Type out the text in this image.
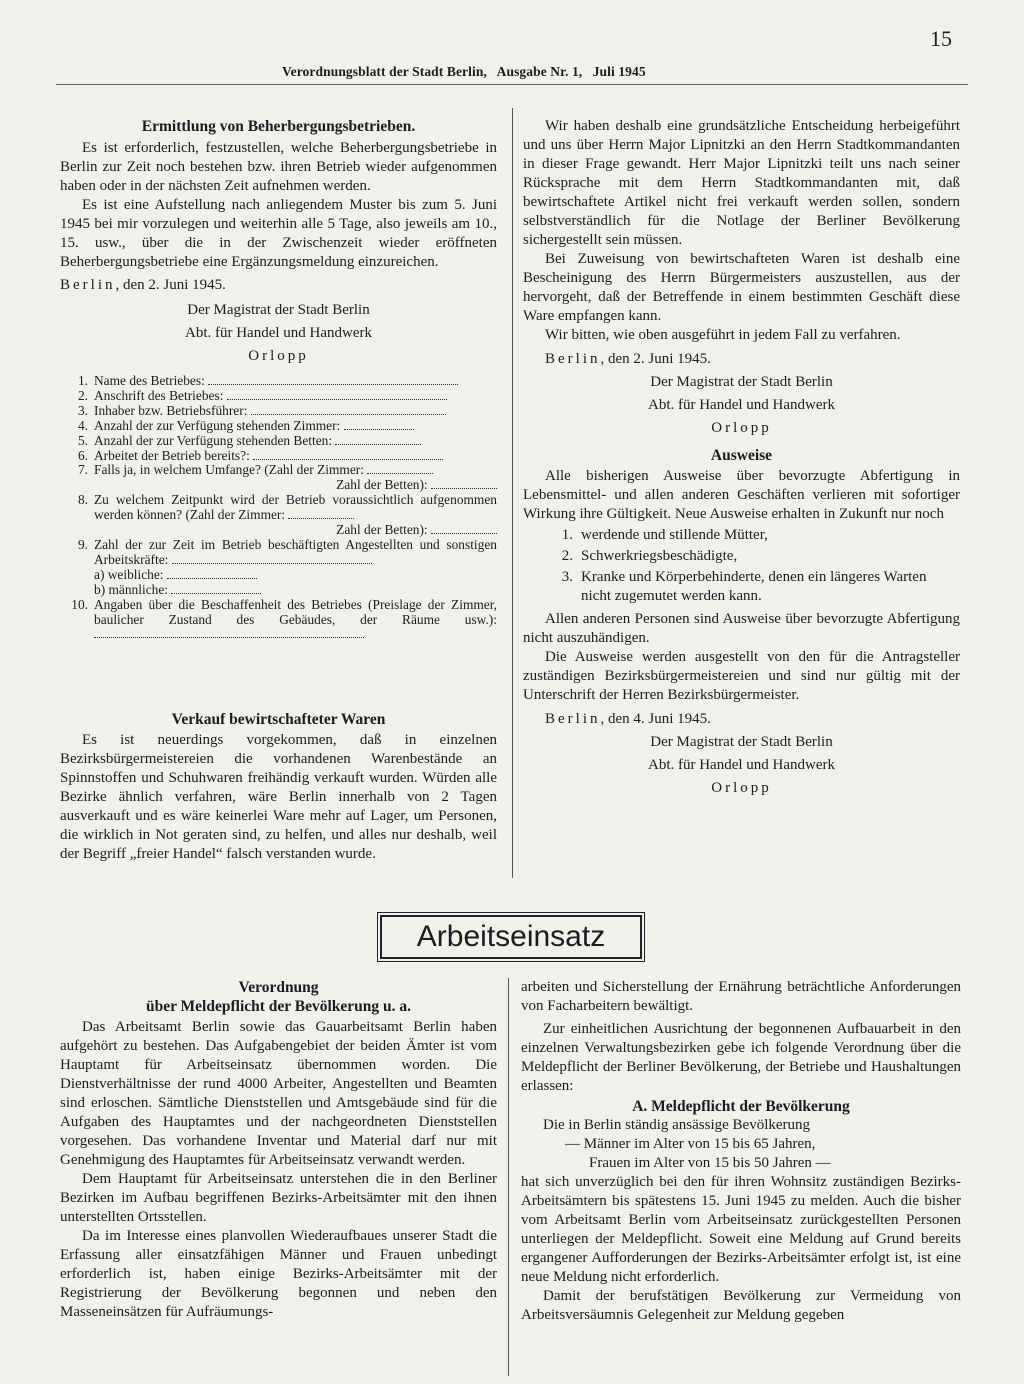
15
Verordnungsblatt der Stadt Berlin,   Ausgabe Nr. 1,   Juli 1945
Ermittlung von Beherbergungsbetrieben.

Es ist erforderlich, festzustellen, welche Beherbergungsbetriebe in Berlin zur Zeit noch bestehen bzw. ihren Betrieb wieder aufgenommen haben oder in der nächsten Zeit aufnehmen werden.

Es ist eine Aufstellung nach anliegendem Muster bis zum 5. Juni 1945 bei mir vorzulegen und weiterhin alle 5 Tage, also jeweils am 10., 15. usw., über die in der Zwischenzeit wieder eröffneten Beherbergungsbetriebe eine Ergänzungsmeldung einzureichen.

Berlin, den 2. Juni 1945.

Der Magistrat der Stadt Berlin
Abt. für Handel und Handwerk
Orlopp
1. Name des Betriebes:
2. Anschrift des Betriebes:
3. Inhaber bzw. Betriebsführer:
4. Anzahl der zur Verfügung stehenden Zimmer:
5. Anzahl der zur Verfügung stehenden Betten:
6. Arbeitet der Betrieb bereits?:
7. Falls ja, in welchem Umfange? (Zahl der Zimmer:

Zahl der Betten):
8. Zu welchem Zeitpunkt wird der Betrieb voraussichtlich aufgenommen werden können? (Zahl der Zimmer:

Zahl der Betten):
9. Zahl der zur Zeit im Betrieb beschäftigten Angestellten und sonstigen Arbeitskräfte:
a) weibliche:
b) männliche:
10. Angaben über die Beschaffenheit des Betriebes (Preislage der Zimmer, baulicher Zustand des Gebäudes, der Räume usw.):
Verkauf bewirtschafteter Waren

Es ist neuerdings vorgekommen, daß in einzelnen Bezirksbürgermeistereien die vorhandenen Warenbestände an Spinnstoffen und Schuhwaren freihändig verkauft wurden. Würden alle Bezirke ähnlich verfahren, wäre Berlin innerhalb von 2 Tagen ausverkauft und es wäre keinerlei Ware mehr auf Lager, um Personen, die wirklich in Not geraten sind, zu helfen, und alles nur deshalb, weil der Begriff „freier Handel“ falsch verstanden wurde.

Wir haben deshalb eine grundsätzliche Entscheidung herbeigeführt und uns über Herrn Major Lipnitzki an den Herrn Stadtkommandanten in dieser Frage gewandt. Herr Major Lipnitzki teilt uns nach seiner Rücksprache mit dem Herrn Stadtkommandanten mit, daß bewirtschaftete Artikel nicht frei verkauft werden sollen, sondern selbstverständlich für die Notlage der Berliner Bevölkerung sichergestellt sein müssen.

Bei Zuweisung von bewirtschafteten Waren ist deshalb eine Bescheinigung des Herrn Bürgermeisters auszustellen, aus der hervorgeht, daß der Betreffende in einem bestimmten Geschäft diese Ware empfangen kann.

Wir bitten, wie oben ausgeführt in jedem Fall zu verfahren.

Berlin, den 2. Juni 1945.

Der Magistrat der Stadt Berlin
Abt. für Handel und Handwerk
Orlopp
Ausweise

Alle bisherigen Ausweise über bevorzugte Abfertigung in Lebensmittel- und allen anderen Geschäften verlieren mit sofortiger Wirkung ihre Gültigkeit. Neue Ausweise erhalten in Zukunft nur noch

1. werdende und stillende Mütter,
2. Schwerkriegsbeschädigte,
3. Kranke und Körperbehinderte, denen ein längeres Warten nicht zugemutet werden kann.

Allen anderen Personen sind Ausweise über bevorzugte Abfertigung nicht auszuhändigen.

Die Ausweise werden ausgestellt von den für die Antragsteller zuständigen Bezirksbürgermeistereien und sind nur gültig mit der Unterschrift der Herren Bezirksbürgermeister.

Berlin, den 4. Juni 1945.

Der Magistrat der Stadt Berlin
Abt. für Handel und Handwerk
Orlopp
Arbeitseinsatz
Verordnung
über Meldepflicht der Bevölkerung u. a.

Das Arbeitsamt Berlin sowie das Gauarbeitsamt Berlin haben aufgehört zu bestehen. Das Aufgabengebiet der beiden Ämter ist vom Hauptamt für Arbeitseinsatz übernommen worden. Die Dienstverhältnisse der rund 4000 Arbeiter, Angestellten und Beamten sind erloschen. Sämtliche Dienststellen und Amtsgebäude sind für die Aufgaben des Hauptamtes und der nachgeordneten Dienststellen vorgesehen. Das vorhandene Inventar und Material darf nur mit Genehmigung des Hauptamtes für Arbeitseinsatz verwandt werden.

Dem Hauptamt für Arbeitseinsatz unterstehen die in den Berliner Bezirken im Aufbau begriffenen Bezirks-Arbeitsämter mit den ihnen unterstellten Ortsstellen.

Da im Interesse eines planvollen Wiederaufbaues unserer Stadt die Erfassung aller einsatzfähigen Männer und Frauen unbedingt erforderlich ist, haben einige Bezirks-Arbeitsämter mit der Registrierung der Bevölkerung begonnen und neben den Masseneinsätzen für Aufräumungs-

arbeiten und Sicherstellung der Ernährung beträchtliche Anforderungen von Facharbeitern bewältigt.

Zur einheitlichen Ausrichtung der begonnenen Aufbauarbeit in den einzelnen Verwaltungsbezirken gebe ich folgende Verordnung über die Meldepflicht der Berliner Bevölkerung, der Betriebe und Haushaltungen erlassen:

A. Meldepflicht der Bevölkerung

Die in Berlin ständig ansässige Bevölkerung

— Männer im Alter von 15 bis 65 Jahren,
Frauen im Alter von 15 bis 50 Jahren —

hat sich unverzüglich bei den für ihren Wohnsitz zuständigen Bezirks-Arbeitsämtern bis spätestens 15. Juni 1945 zu melden. Auch die bisher vom Arbeitsamt Berlin vom Arbeitseinsatz zurückgestellten Personen unterliegen der Meldepflicht. Soweit eine Meldung auf Grund bereits ergangener Aufforderungen der Bezirks-Arbeitsämter erfolgt ist, ist eine neue Meldung nicht erforderlich.

Damit der berufstätigen Bevölkerung zur Vermeidung von Arbeitsversäumnis Gelegenheit zur Meldung gegeben
